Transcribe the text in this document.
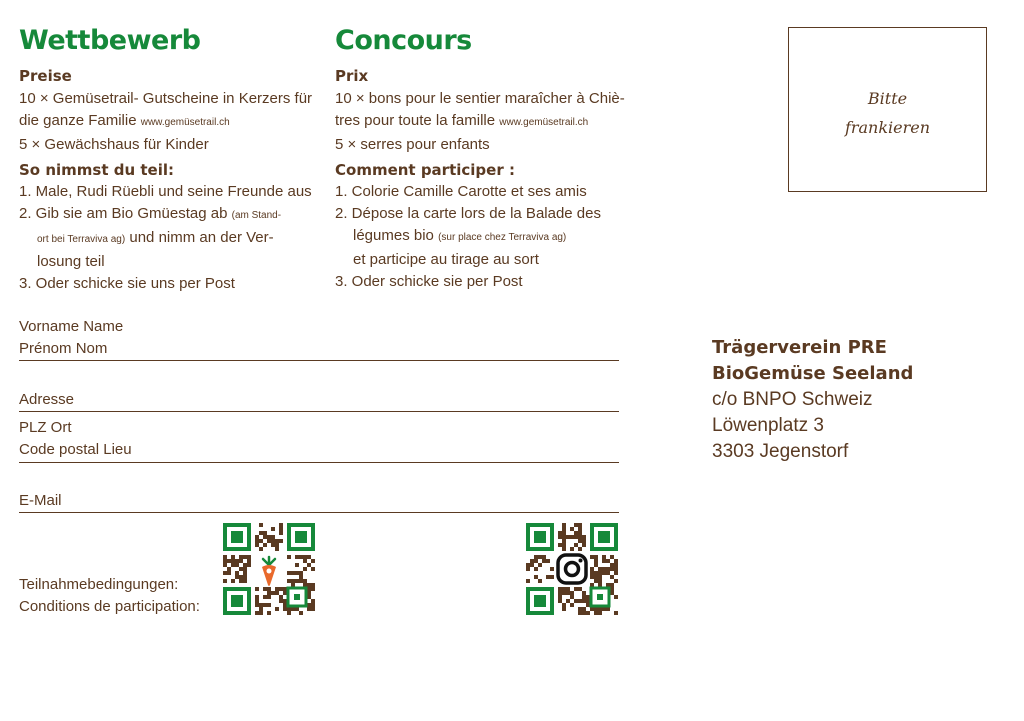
Bitte
frankieren
Wettbewerb
Preise
10 × Gemüsetrail- Gutscheine in Kerzers für
die ganze Familie www.gemüsetrail.ch
5 × Gewächshaus für Kinder
So nimmst du teil:
1. Male, Rudi Rüebli und seine Freunde aus
2. Gib sie am Bio Gmüestag ab (am Stand-
ort bei Terraviva ag) und nimm an der Ver-
losung teil
3. Oder schicke sie uns per Post
Concours
Prix
10 × bons pour le sentier maraîcher à Chiè-
tres pour toute la famille www.gemüsetrail.ch
5 × serres pour enfants
Comment participer :
1. Colorie Camille Carotte et ses amis
2. Dépose la carte lors de la Balade des
légumes bio (sur place chez Terraviva ag)
et participe au tirage au sort
3. Oder schicke sie per Post
Vorname Name
Prénom Nom
Adresse
PLZ Ort
Code postal Lieu
E-Mail
Teilnahmebedingungen:
Conditions de participation:
Trägerverein PRE
BioGemüse Seeland
c/o BNPO Schweiz
Löwenplatz 3
3303 Jegenstorf
